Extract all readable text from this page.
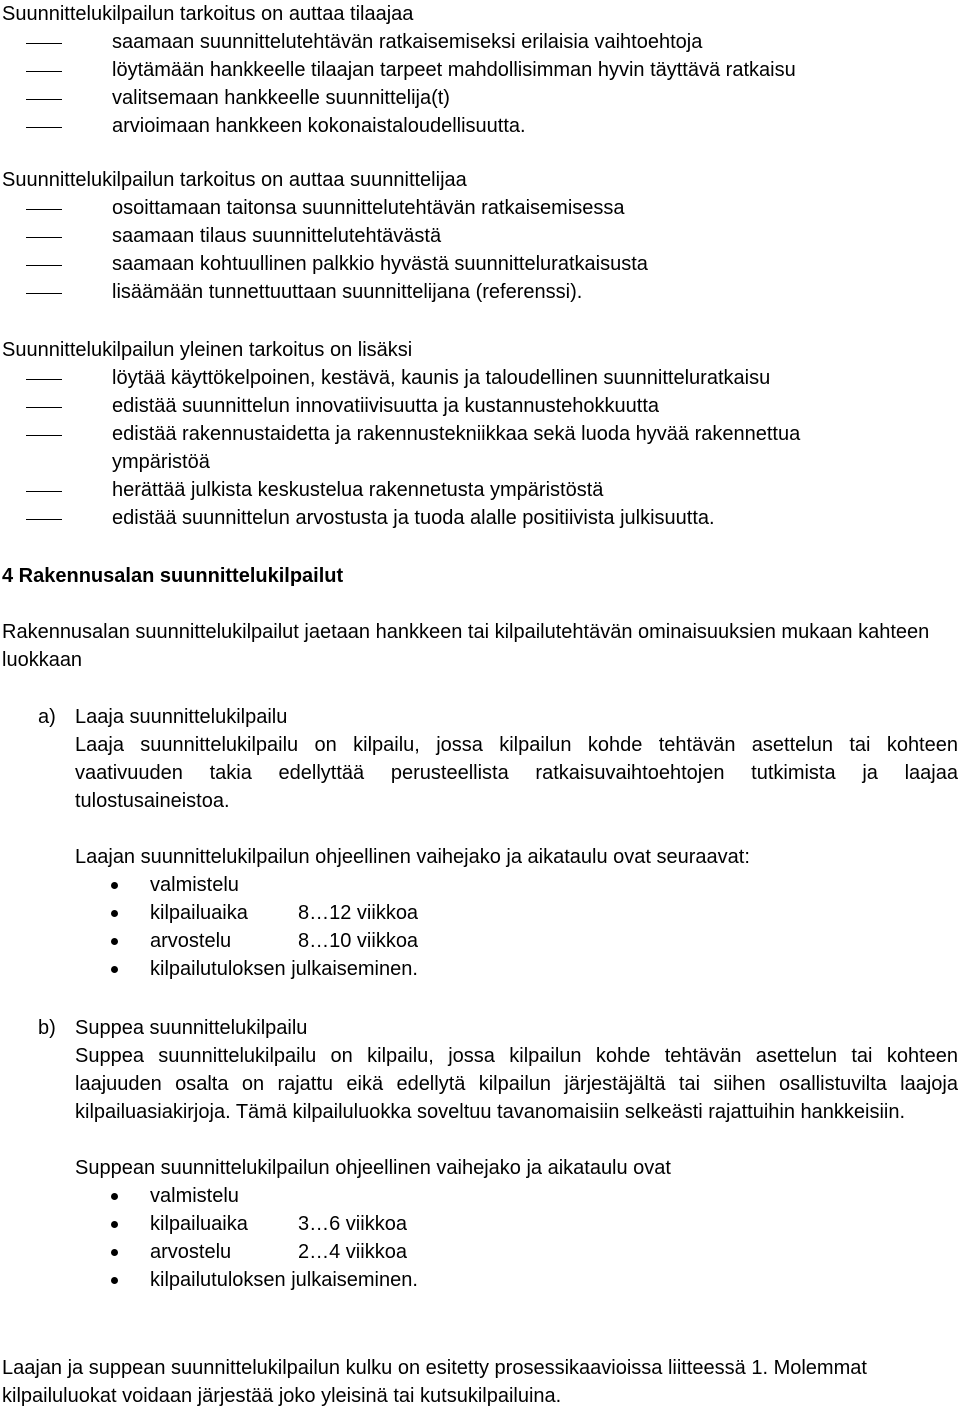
Suunnittelukilpailun tarkoitus on auttaa tilaajaa

saamaan suunnittelutehtävän ratkaisemiseksi erilaisia vaihtoehtoja
löytämään hankkeelle tilaajan tarpeet mahdollisimman hyvin täyttävä ratkaisu
valitsemaan hankkeelle suunnittelija(t)
arvioimaan hankkeen kokonaistaloudellisuutta.

Suunnittelukilpailun tarkoitus on auttaa suunnittelijaa

osoittamaan taitonsa suunnittelutehtävän ratkaisemisessa
saamaan tilaus suunnittelutehtävästä
saamaan kohtuullinen palkkio hyvästä suunnitteluratkaisusta
lisäämään tunnettuuttaan suunnittelijana (referenssi).

Suunnittelukilpailun yleinen tarkoitus on lisäksi

löytää käyttökelpoinen, kestävä, kaunis ja taloudellinen suunnitteluratkaisu
edistää suunnittelun innovatiivisuutta ja kustannustehokkuutta
edistää rakennustaidetta ja rakennustekniikkaa sekä luoda hyvää rakennettua

ympäristöä

herättää julkista keskustelua rakennetusta ympäristöstä
edistää suunnittelun arvostusta ja tuoda alalle positiivista julkisuutta.

4 Rakennusalan suunnittelukilpailut

Rakennusalan suunnittelukilpailut jaetaan hankkeen tai kilpailutehtävän ominaisuuksien mukaan kahteen luokkaan

a) Laaja suunnittelukilpailu

Laaja suunnittelukilpailu on kilpailu, jossa kilpailun kohde tehtävän asettelun tai kohteen vaativuuden takia edellyttää perusteellista ratkaisuvaihtoehtojen tutkimista ja laajaa tulostusaineistoa.

Laajan suunnittelukilpailun ohjeellinen vaihejako ja aikataulu ovat seuraavat:

valmistelu
kilpailuaika	8…12 viikkoa
arvostelu	8…10 viikkoa
kilpailutuloksen julkaiseminen.
b) Suppea suunnittelukilpailu

Suppea suunnittelukilpailu on kilpailu, jossa kilpailun kohde tehtävän asettelun tai kohteen laajuuden osalta on rajattu eikä edellytä kilpailun järjestäjältä tai siihen osallistuvilta laajoja kilpailuasiakirjoja. Tämä kilpailuluokka soveltuu tavanomaisiin selkeästi rajattuihin hankkeisiin.

Suppean suunnittelukilpailun ohjeellinen vaihejako ja aikataulu ovat

valmistelu
kilpailuaika	3…6 viikkoa
arvostelu	2…4 viikkoa
kilpailutuloksen julkaiseminen.

Laajan ja suppean suunnittelukilpailun kulku on esitetty prosessikaavioissa liitteessä 1. Molemmat kilpailuluokat voidaan järjestää joko yleisinä tai kutsukilpailuina.
